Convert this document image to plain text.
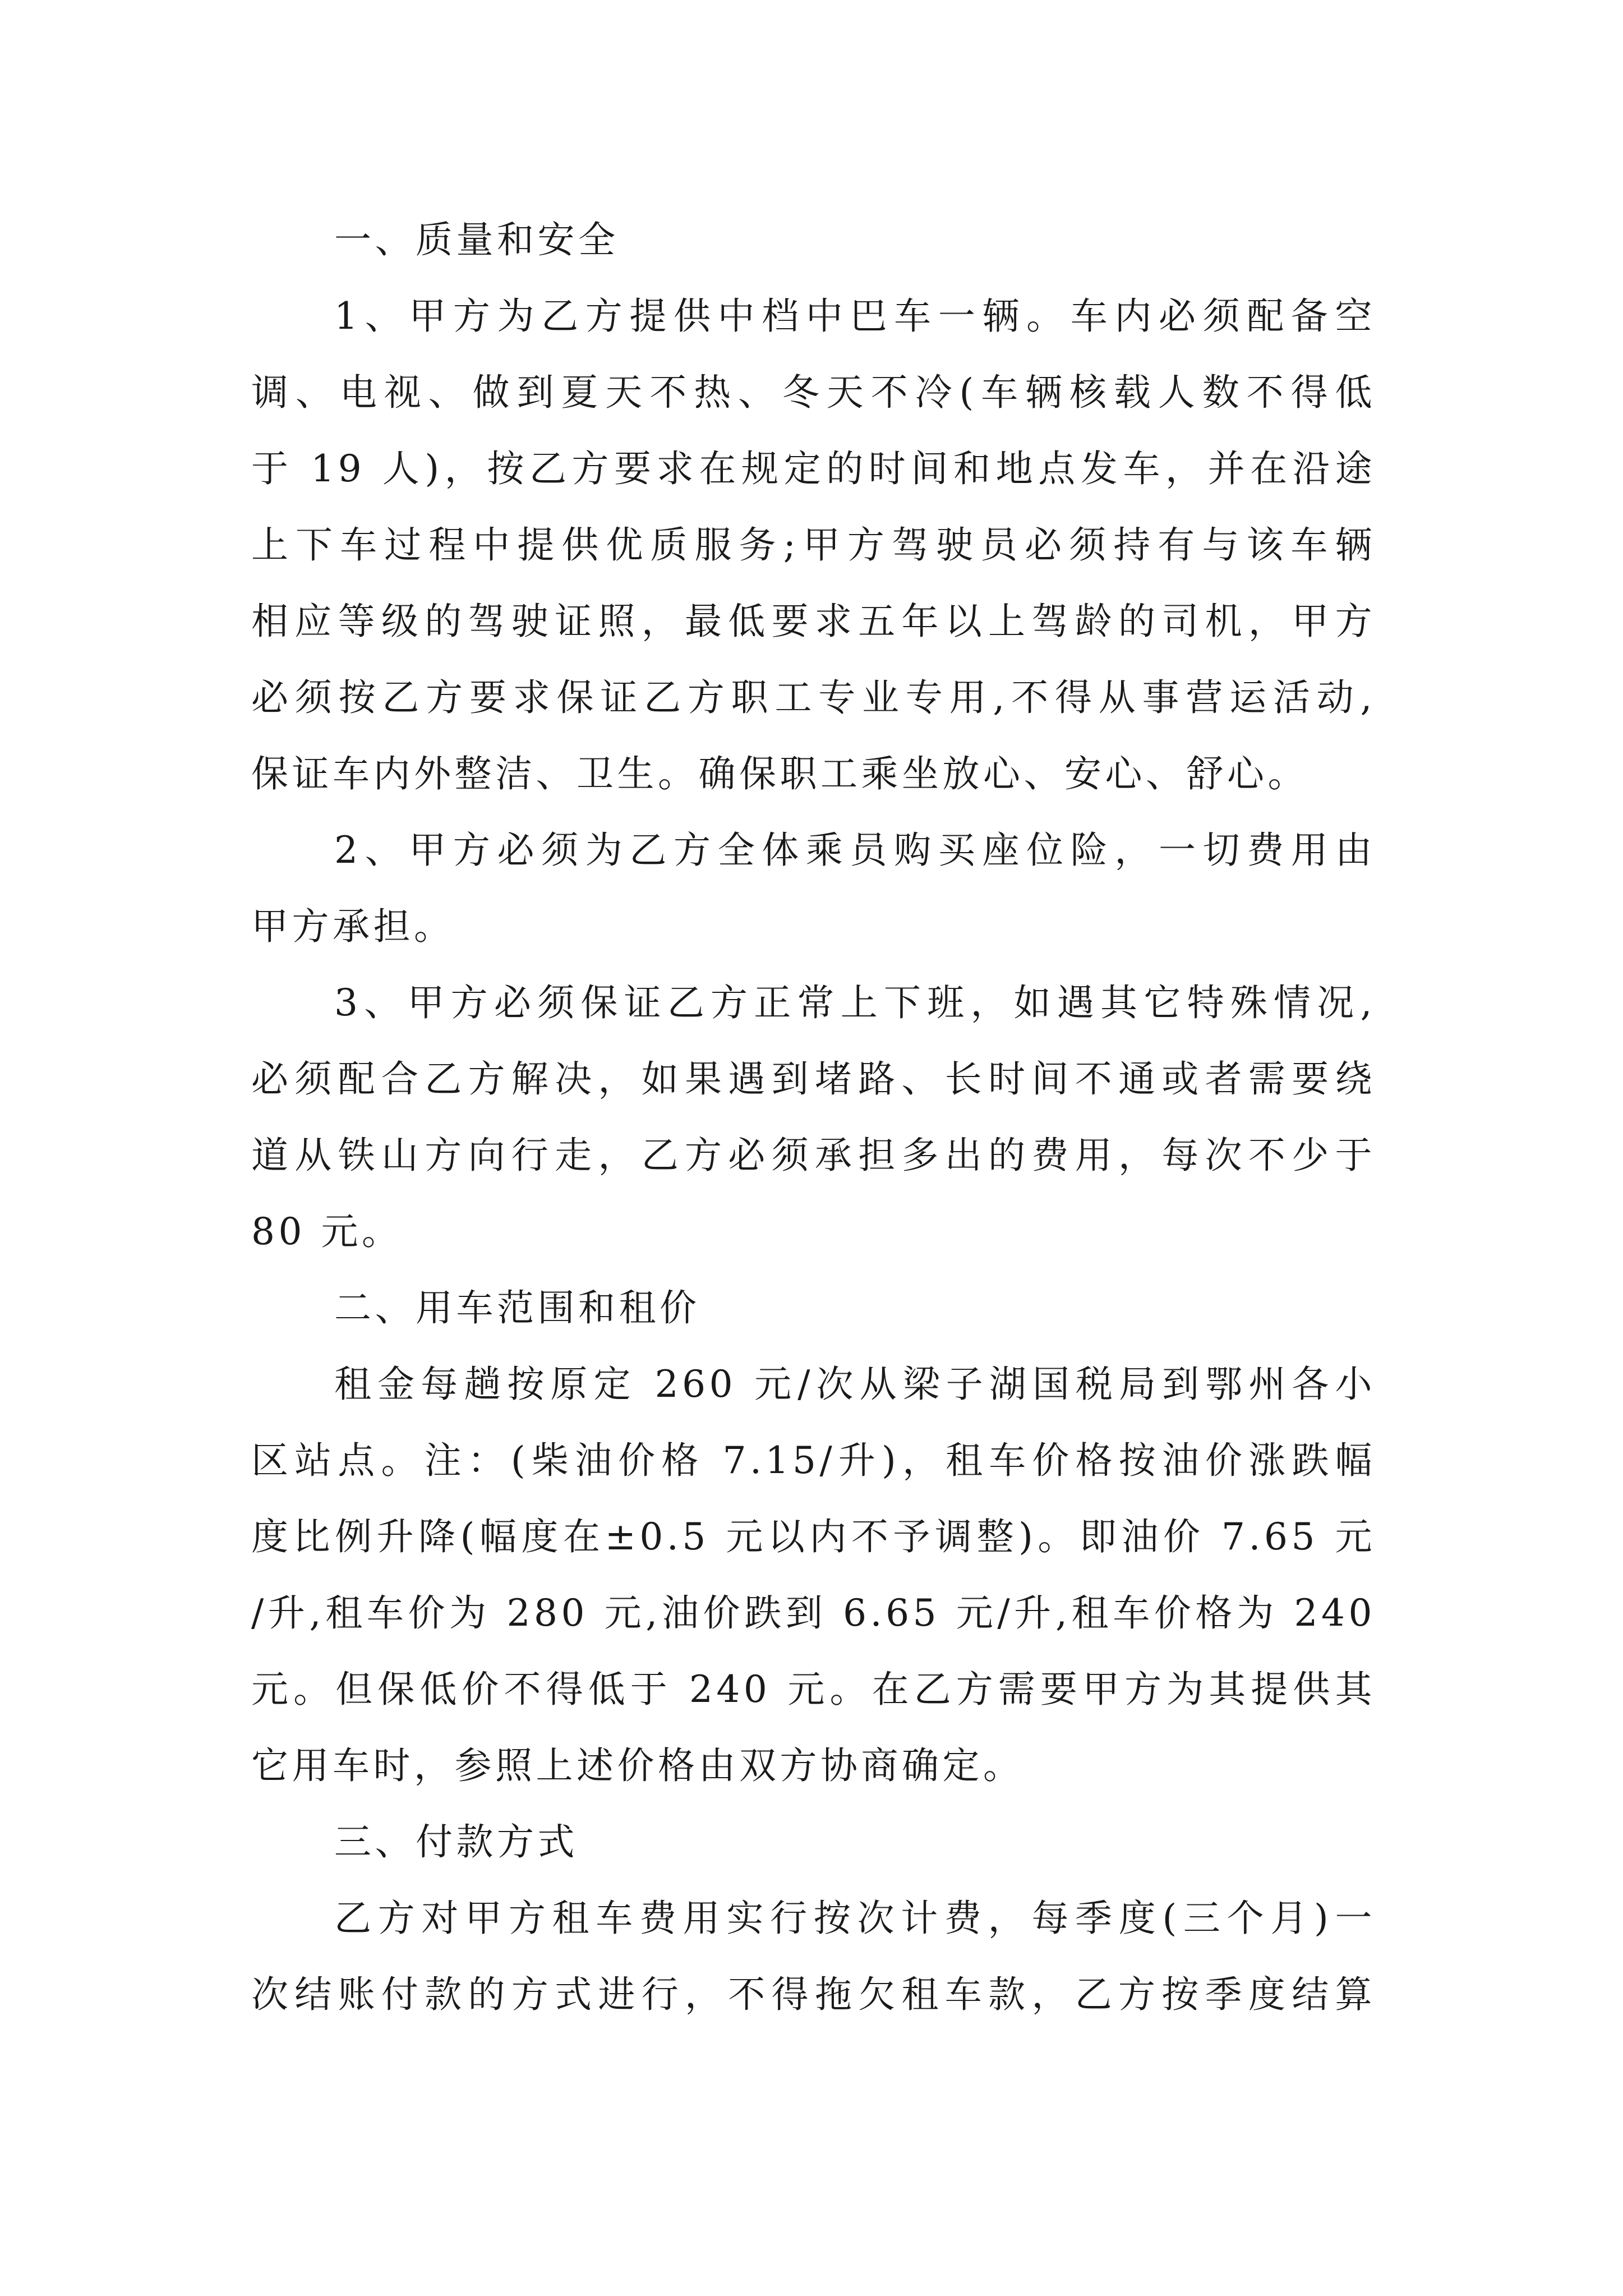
一、质量和安全
1、甲方为乙方提供中档中巴车一辆。车内必须配备空
调、电视、做到夏天不热、冬天不冷(车辆核载人数不得低
于 19 人)，按乙方要求在规定的时间和地点发车，并在沿途
上下车过程中提供优质服务;甲方驾驶员必须持有与该车辆
相应等级的驾驶证照，最低要求五年以上驾龄的司机，甲方
必须按乙方要求保证乙方职工专业专用,不得从事营运活动,
保证车内外整洁、卫生。确保职工乘坐放心、安心、舒心。
2、甲方必须为乙方全体乘员购买座位险，一切费用由
甲方承担。
3、甲方必须保证乙方正常上下班，如遇其它特殊情况,
必须配合乙方解决，如果遇到堵路、长时间不通或者需要绕
道从铁山方向行走，乙方必须承担多出的费用，每次不少于
80 元。
二、用车范围和租价
租金每趟按原定 260 元/次从梁子湖国税局到鄂州各小
区站点。注：(柴油价格 7.15/升)，租车价格按油价涨跌幅
度比例升降(幅度在±0.5 元以内不予调整)。即油价 7.65 元
/升,租车价为 280 元,油价跌到 6.65 元/升,租车价格为 240
元。但保低价不得低于 240 元。在乙方需要甲方为其提供其
它用车时，参照上述价格由双方协商确定。
三、付款方式
乙方对甲方租车费用实行按次计费，每季度(三个月)一
次结账付款的方式进行，不得拖欠租车款，乙方按季度结算
